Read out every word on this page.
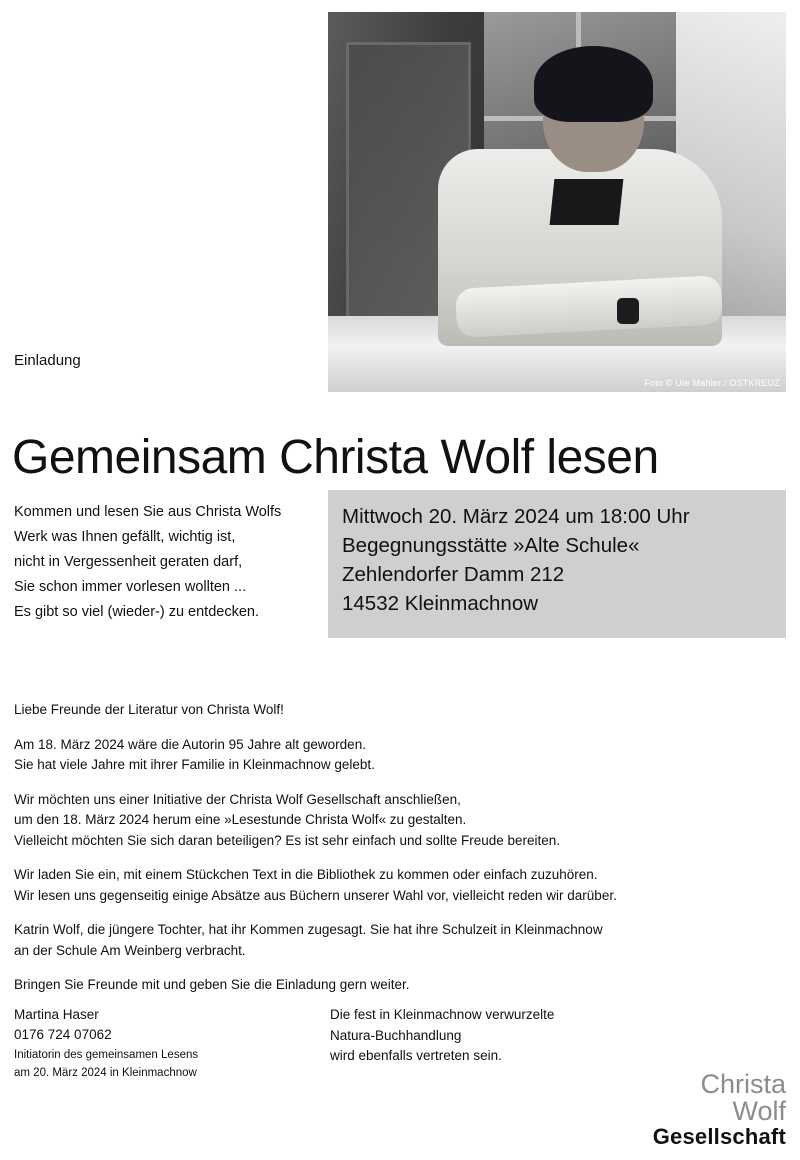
Foto © Ute Mahler / OSTKREUZ
Einladung
Gemeinsam Christa Wolf lesen
Kommen und lesen Sie aus Christa Wolfs
Werk was Ihnen gefällt, wichtig ist,
nicht in Vergessenheit geraten darf,
Sie schon immer vorlesen wollten ...
Es gibt so viel (wieder-) zu entdecken.
Mittwoch 20. März 2024 um 18:00 Uhr
Begegnungsstätte »Alte Schule«
Zehlendorfer Damm 212
14532 Kleinmachnow

Liebe Freunde der Literatur von Christa Wolf!

Am 18. März 2024 wäre die Autorin 95 Jahre alt geworden.
Sie hat viele Jahre mit ihrer Familie in Kleinmachnow gelebt.

Wir möchten uns einer Initiative der Christa Wolf Gesellschaft anschließen,
um den 18. März 2024 herum eine »Lesestunde Christa Wolf« zu gestalten.
Vielleicht möchten Sie sich daran beteiligen? Es ist sehr einfach und sollte Freude bereiten.

Wir laden Sie ein, mit einem Stückchen Text in die Bibliothek zu kommen oder einfach zuzuhören.
Wir lesen uns gegenseitig einige Absätze aus Büchern unserer Wahl vor, vielleicht reden wir darüber.

Katrin Wolf, die jüngere Tochter, hat ihr Kommen zugesagt. Sie hat ihre Schulzeit in Kleinmachnow
an der Schule Am Weinberg verbracht.

Bringen Sie Freunde mit und geben Sie die Einladung gern weiter.

Martina Haser
0176 724 07062
Initiatorin des gemeinsamen Lesens
am 20. März 2024 in Kleinmachnow
Die fest in Kleinmachnow verwurzelte
Natura-Buchhandlung
wird ebenfalls vertreten sein.
Christa
Wolf
Gesellschaft
